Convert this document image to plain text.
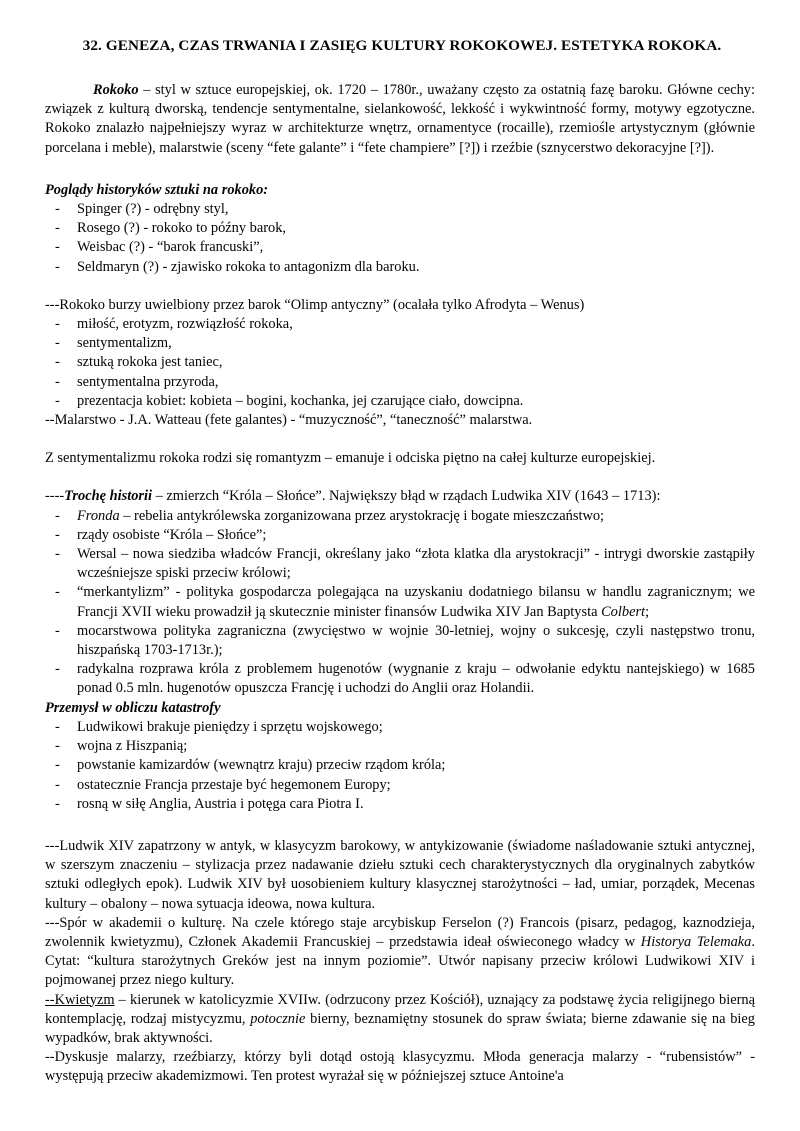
32. GENEZA, CZAS TRWANIA I ZASIĘG KULTURY ROKOKOWEJ. ESTETYKA ROKOKA.

Rokoko – styl w sztuce europejskiej, ok. 1720 – 1780r., uważany często za ostatnią fazę baroku. Główne cechy: związek z kulturą dworską, tendencje sentymentalne, sielankowość, lekkość i wykwintność formy, motywy egzotyczne. Rokoko znalazło najpełniejszy wyraz w architekturze wnętrz, ornamentyce (rocaille), rzemiośle artystycznym (głównie porcelana i meble), malarstwie (sceny “fete galante” i “fete champiere” [?]) i rzeźbie (sznycerstwo dekoracyjne [?]).

Poglądy historyków sztuki na rokoko:
- Spinger (?) - odrębny styl,
- Rosego (?) - rokoko to późny barok,
- Weisbac (?) - “barok francuski”,
- Seldmaryn (?) - zjawisko rokoka to antagonizm dla baroku.

---Rokoko burzy uwielbiony przez barok “Olimp antyczny” (ocalała tylko Afrodyta – Wenus)

- miłość, erotyzm, rozwiązłość rokoka,
- sentymentalizm,
- sztuką rokoka jest taniec,
- sentymentalna przyroda,
- prezentacja kobiet: kobieta – bogini, kochanka, jej czarujące ciało, dowcipna.

--Malarstwo - J.A. Watteau (fete galantes) - “muzyczność”, “taneczność” malarstwa.

Z sentymentalizmu rokoka rodzi się romantyzm – emanuje i odciska piętno na całej kulturze europejskiej.

----Trochę historii – zmierzch “Króla – Słońce”. Największy błąd w rządach Ludwika XIV (1643 – 1713):

- Fronda – rebelia antykrólewska zorganizowana przez arystokrację i bogate mieszczaństwo;
- rządy osobiste “Króla – Słońce”;
- Wersal – nowa siedziba władców Francji, określany jako “złota klatka dla arystokracji” - intrygi dworskie zastąpiły wcześniejsze spiski przeciw królowi;
- “merkantylizm” - polityka gospodarcza polegająca na uzyskaniu dodatniego bilansu w handlu zagranicznym; we Francji XVII wieku prowadził ją skutecznie minister finansów Ludwika XIV Jan Baptysta Colbert;
- mocarstwowa polityka zagraniczna (zwycięstwo w wojnie 30-letniej, wojny o sukcesję, czyli następstwo tronu, hiszpańską 1703-1713r.);
- radykalna rozprawa króla z problemem hugenotów (wygnanie z kraju – odwołanie edyktu nantejskiego) w 1685 ponad 0.5 mln. hugenotów opuszcza Francję i uchodzi do Anglii oraz Holandii.
Przemysł w obliczu katastrofy
- Ludwikowi brakuje pieniędzy i sprzętu wojskowego;
- wojna z Hiszpanią;
- powstanie kamizardów (wewnątrz kraju) przeciw rządom króla;
- ostatecznie Francja przestaje być hegemonem Europy;
- rosną w siłę Anglia, Austria i potęga cara Piotra I.

---Ludwik XIV zapatrzony w antyk, w klasycyzm barokowy, w antykizowanie (świadome naśladowanie sztuki antycznej, w szerszym znaczeniu – stylizacja przez nadawanie dziełu sztuki cech charakterystycznych dla oryginalnych zabytków sztuki odległych epok). Ludwik XIV był uosobieniem kultury klasycznej starożytności – ład, umiar, porządek, Mecenas kultury – obalony – nowa sytuacja ideowa, nowa kultura.

---Spór w akademii o kulturę. Na czele którego staje arcybiskup Ferselon (?) Francois (pisarz, pedagog, kaznodzieja, zwolennik kwietyzmu), Członek Akademii Francuskiej – przedstawia ideał oświeconego władcy w Historya Telemaka. Cytat: “kultura starożytnych Greków jest na innym poziomie”. Utwór napisany przeciw królowi Ludwikowi XIV i pojmowanej przez niego kultury.

--Kwietyzm – kierunek w katolicyzmie XVIIw. (odrzucony przez Kościół), uznający za podstawę życia religijnego bierną kontemplację, rodzaj mistycyzmu, potocznie bierny, beznamiętny stosunek do spraw świata; bierne zdawanie się na bieg wypadków, brak aktywności.

--Dyskusje malarzy, rzeźbiarzy, którzy byli dotąd ostoją klasycyzmu. Młoda generacja malarzy - “rubensistów” - występują przeciw akademizmowi. Ten protest wyrażał się w późniejszej sztuce Antoine'a
